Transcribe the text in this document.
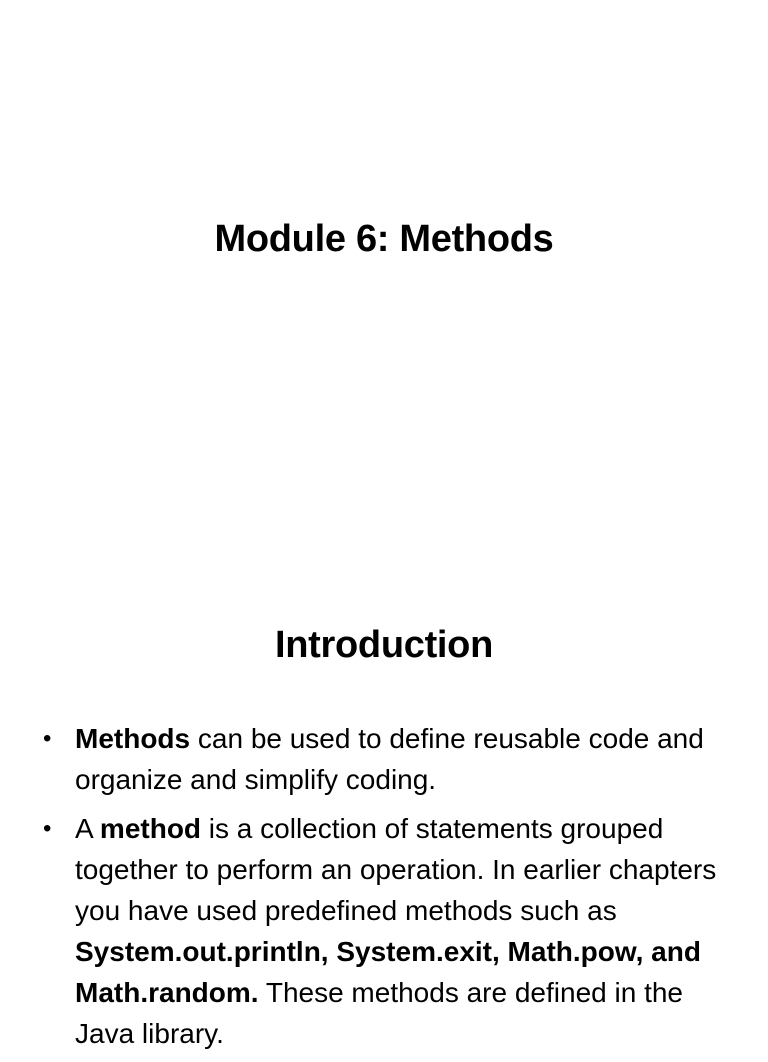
Module 6: Methods
Introduction
• Methods can be used to define reusable code and organize and simplify coding.
• A method is a collection of statements grouped together to perform an operation. In earlier chapters you have used predefined methods such as System.out.println, System.exit, Math.pow, and Math.random. These methods are defined in the Java library.
